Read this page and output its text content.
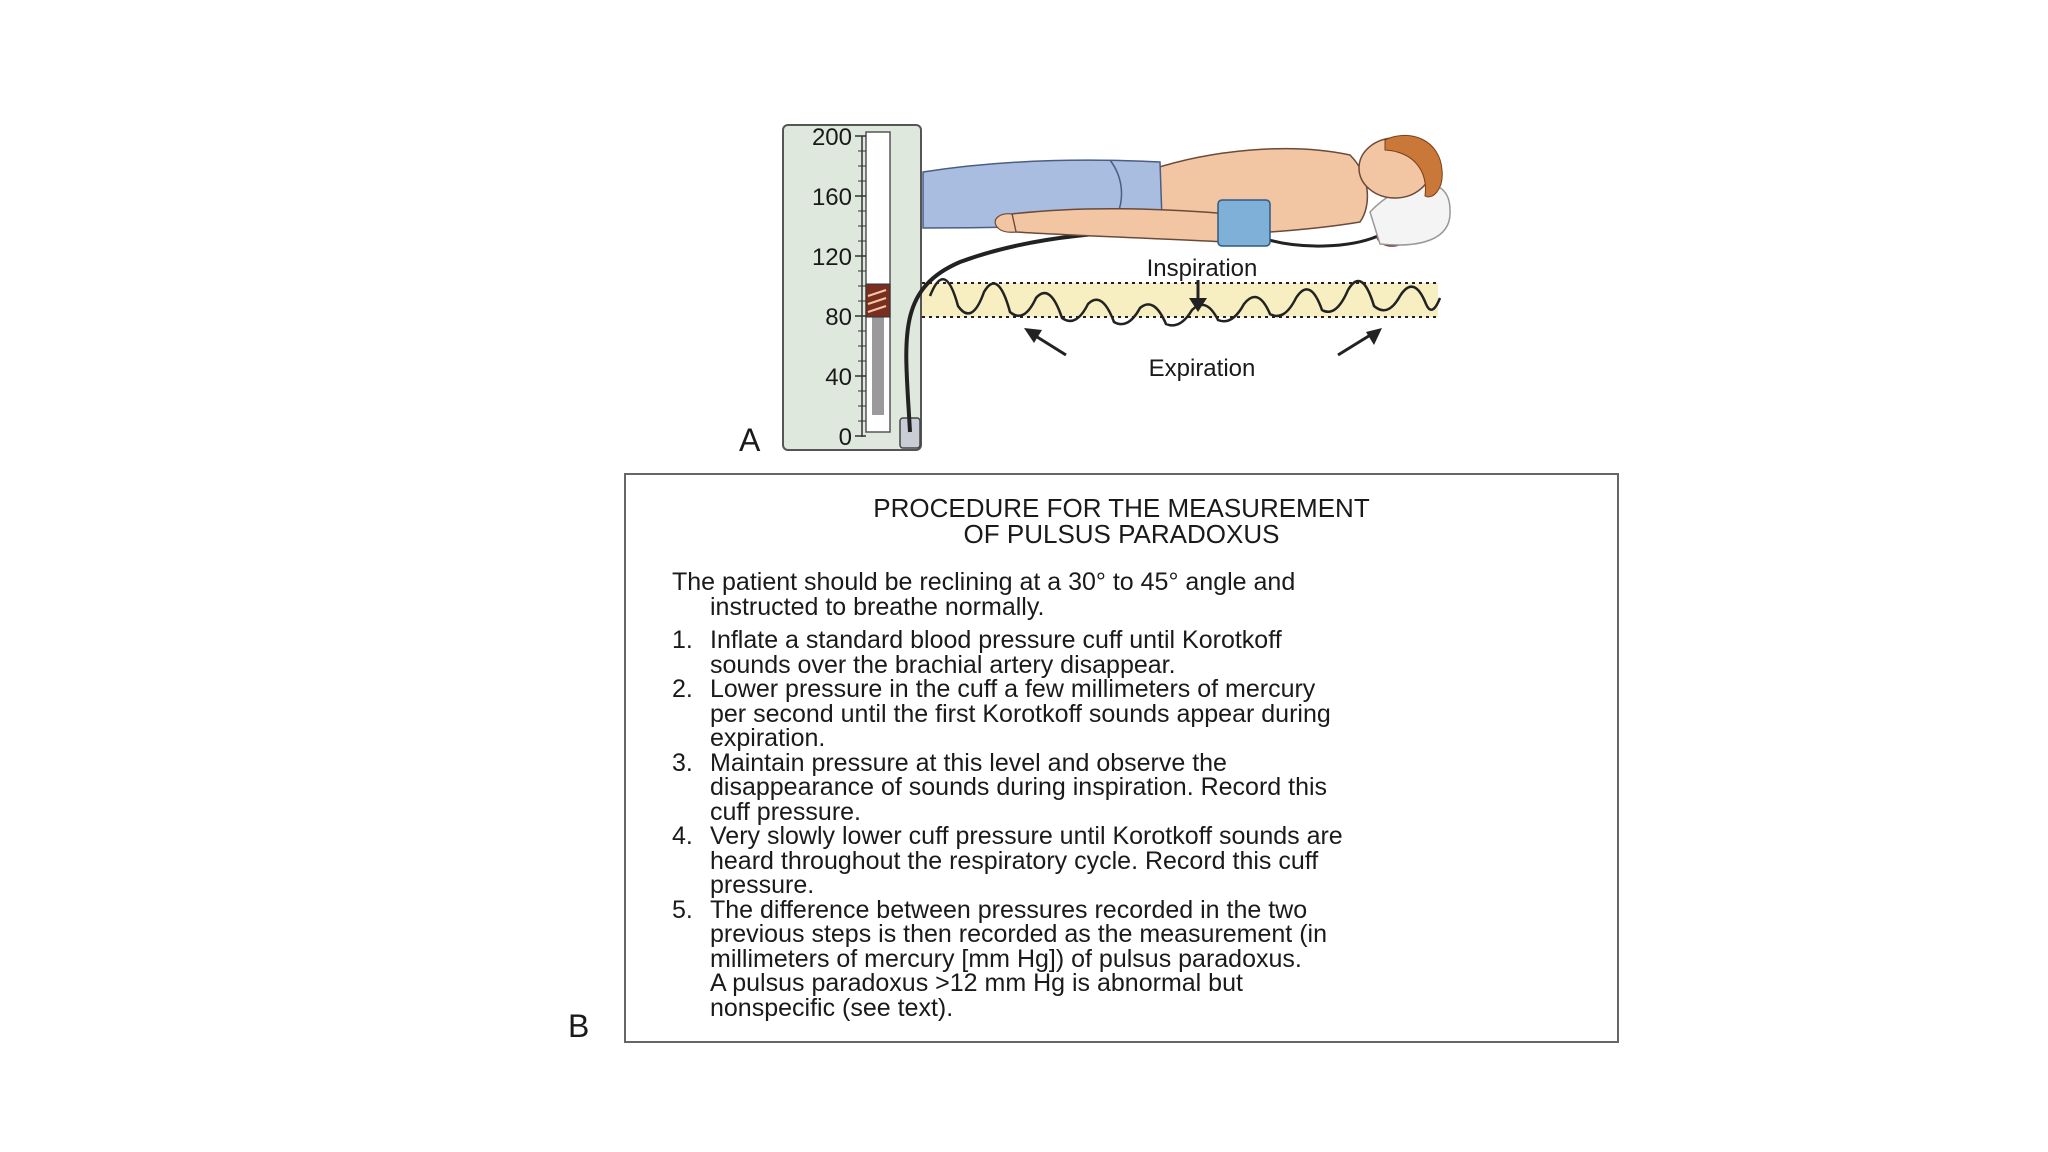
200
160
120
80
40
0
Inspiration
Expiration
A
B
PROCEDURE FOR THE MEASUREMENT
OF PULSUS PARADOXUS
The patient should be reclining at a 30° to 45° angle and
instructed to breathe normally.
1. Inflate a standard blood pressure cuff until Korotkoff
sounds over the brachial artery disappear.
2. Lower pressure in the cuff a few millimeters of mercury
per second until the first Korotkoff sounds appear during
expiration.
3. Maintain pressure at this level and observe the
disappearance of sounds during inspiration. Record this
cuff pressure.
4. Very slowly lower cuff pressure until Korotkoff sounds are
heard throughout the respiratory cycle. Record this cuff
pressure.
5. The difference between pressures recorded in the two
previous steps is then recorded as the measurement (in
millimeters of mercury [mm Hg]) of pulsus paradoxus.
A pulsus paradoxus >12 mm Hg is abnormal but
nonspecific (see text).
